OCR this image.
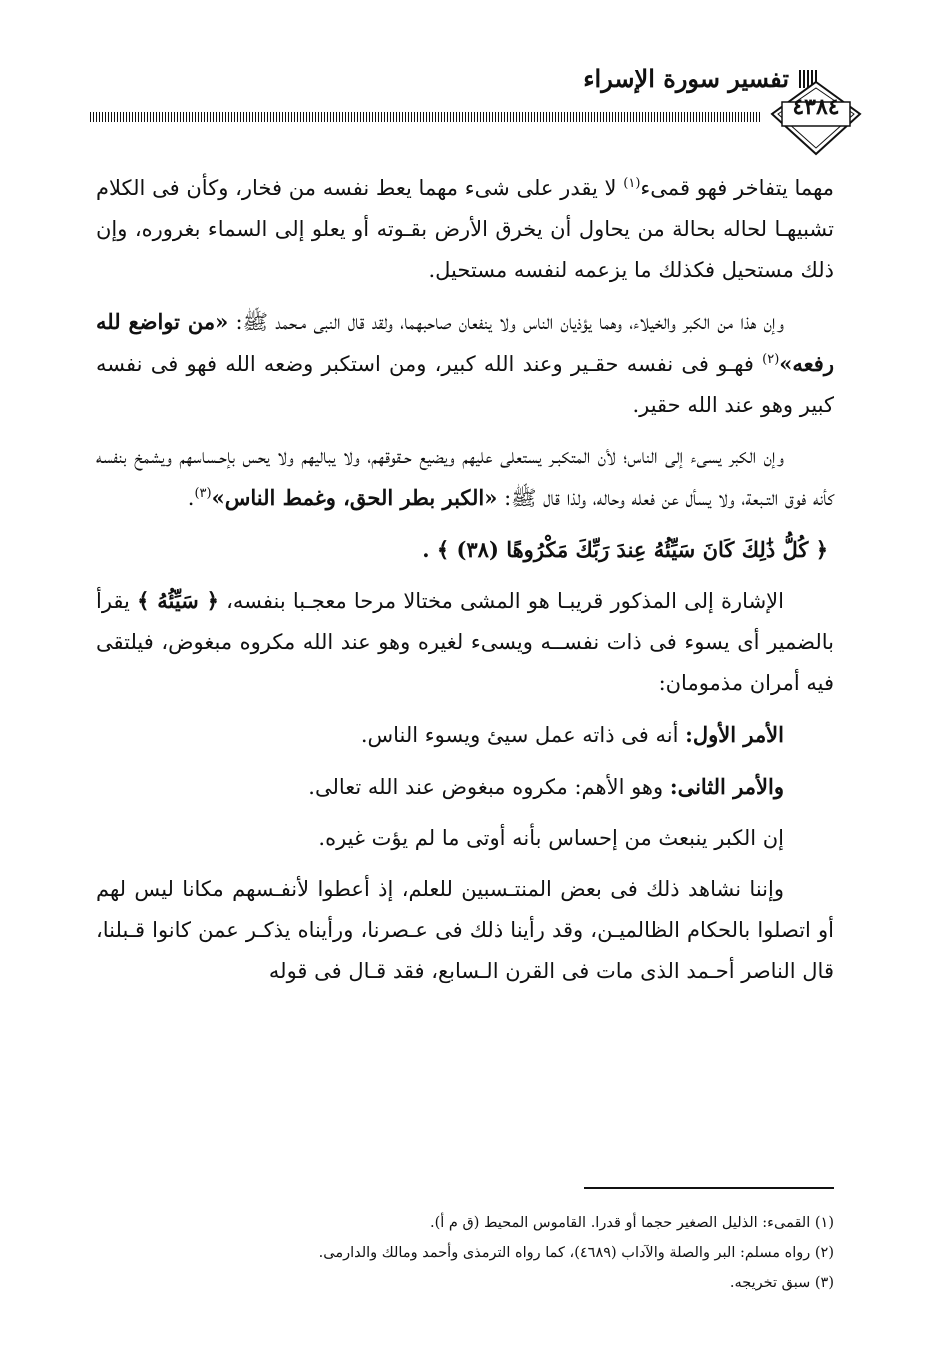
تفسير سورة الإسراء
٤٣٨٤

مهما يتفاخر فهو قمىء$^{(١)}$ لا يقدر على شىء مهما يعط نفسه من فخار، وكأن فى الكلام تشبيهـا لحاله بحالة من يحاول أن يخرق الأرض بقـوته أو يعلو إلى السماء بغروره، وإن ذلك مستحيل فكذلك ما يزعمه لنفسه مستحيل.

وإن هذا من الكبر والخيلاء، وهما يؤذيان الناس ولا ينفعان صاحبهما، ولقد قال النبى مـحمد ﷺ: «من تواضع لله رفعه»$^{(٢)}$ فهـو فى نفسه حقـير وعند الله كبير، ومن استكبر وضعه الله فهو فى نفسه كبير وهو عند الله حقير.

وإن الكبر يسىء إلى الناس؛ لأن المتكبـر يستعلى عليهم ويضيع حـقوقهم، ولا يباليهم ولا يحس بإحـساسهم ويشمخ بنفسه كأنه فوق التـبعة، ولا يسأل عن فعله وحاله، ولذا قال ﷺ: «الكبر بطر الحق، وغمط الناس»$^{(٣)}$.

﴿ كُلُّ ذَٰلِكَ كَانَ سَيِّئُهُ عِندَ رَبِّكَ مَكْرُوهًا (٣٨) ﴾ .

الإشارة إلى المذكور قريبـا هو المشى مختالا مرحا معجـبا بنفسه، ﴿ سَيِّئُهُ ﴾ يقرأ بالضمير أى يسوء فى ذات نفســه ويسىء لغيره وهو عند الله مكروه مبغوض، فيلتقى فيه أمران مذمومان:

الأمر الأول: أنه فى ذاته عمل سيئ ويسوء الناس.

والأمر الثانى: وهو الأهم: مكروه مبغوض عند الله تعالى.

إن الكبر ينبعث من إحساس بأنه أوتى ما لم يؤت غيره.

وإننا نشاهد ذلك فى بعض المنتـسبين للعلم، إذ أعطوا لأنفـسهم مكانا ليس لهم أو اتصلوا بالحكام الظالميـن، وقد رأينا ذلك فى عـصرنا، ورأيناه يذكـر عمن كانوا قـبلنا، قال الناصر أحـمد الذى مات فى القرن الـسابع، فقد قـال فى قوله

(١) القمىء: الذليل الصغير حجما أو قدرا. القاموس المحيط (ق م أ).
(٢) رواه مسلم: البر والصلة والآداب (٤٦٨٩)، كما رواه الترمذى وأحمد ومالك والدارمى.
(٣) سبق تخريجه.
